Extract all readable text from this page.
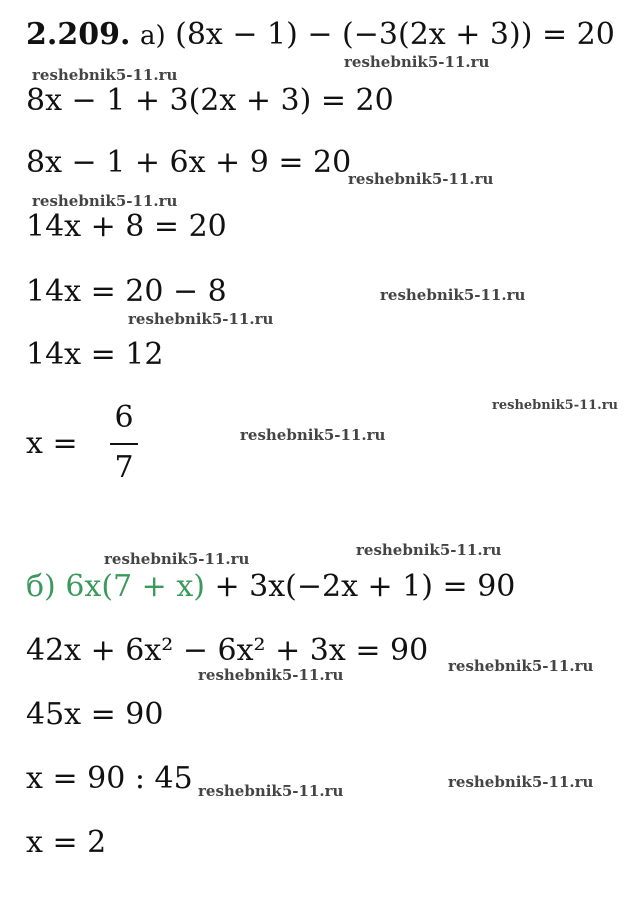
2.209. а) (8x − 1) − (−3(2x + 3)) = 20
8x − 1 + 3(2x + 3) = 20
8x − 1 + 6x + 9 = 20
14x + 8 = 20
14x = 20 − 8
14x = 12
x =
6
7
б) 6x(7 + x) + 3x(−2x + 1) = 90
42x + 6x² − 6x² + 3x = 90
45x = 90
x = 90 : 45
x = 2
reshebnik5-11.ru
reshebnik5-11.ru
reshebnik5-11.ru
reshebnik5-11.ru
reshebnik5-11.ru
reshebnik5-11.ru
reshebnik5-11.ru
reshebnik5-11.ru
reshebnik5-11.ru	reshebnik5-11.ru
reshebnik5-11.ru
reshebnik5-11.ru
reshebnik5-11.ru
reshebnik5-11.ru
